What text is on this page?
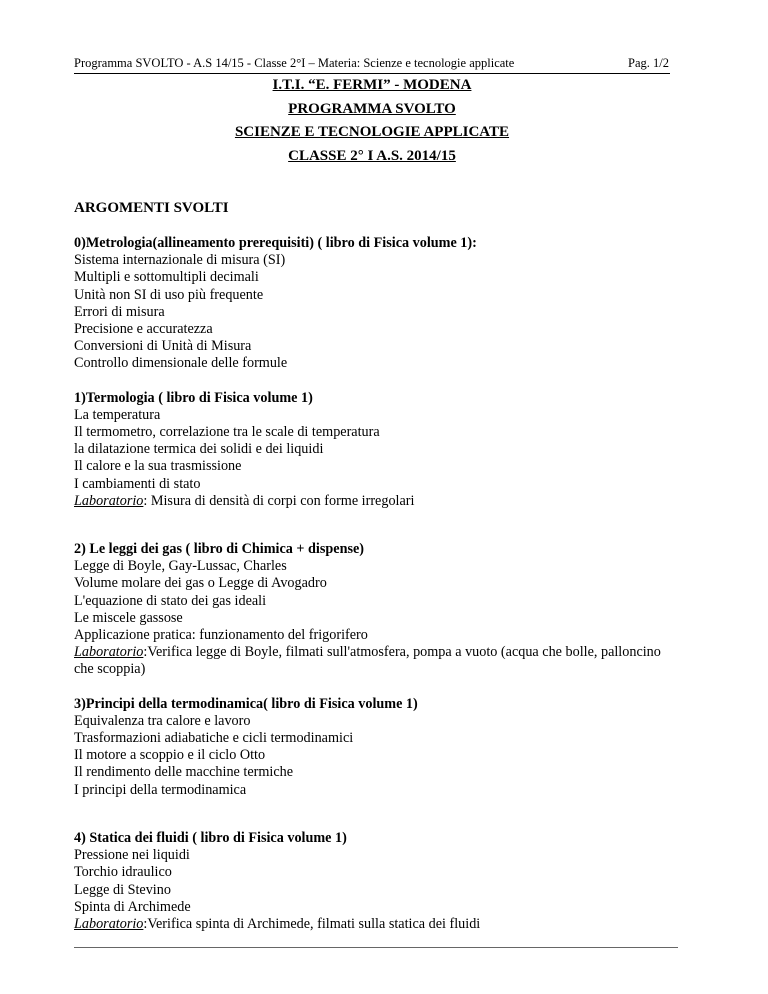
Programma SVOLTO - A.S 14/15 - Classe 2°I – Materia: Scienze e tecnologie applicate	Pag. 1/2
I.T.I. “E. FERMI” - MODENA
PROGRAMMA SVOLTO
SCIENZE E TECNOLOGIE APPLICATE
CLASSE 2° I A.S. 2014/15

ARGOMENTI SVOLTI

0)Metrologia(allineamento prerequisiti) ( libro di Fisica volume 1):

Sistema internazionale di misura (SI)

Multipli e sottomultipli decimali

Unità non SI di uso più frequente

Errori di misura

Precisione e accuratezza

Conversioni di Unità di Misura

Controllo dimensionale delle formule

1)Termologia ( libro di Fisica volume 1)

La temperatura

Il termometro, correlazione tra le scale di temperatura

la dilatazione termica dei solidi e dei liquidi

Il calore e la sua trasmissione

I cambiamenti di stato

Laboratorio: Misura di densità di corpi con forme irregolari

2) Le leggi dei gas ( libro di Chimica + dispense)

Legge di Boyle, Gay-Lussac, Charles

Volume molare dei gas o Legge di Avogadro

L'equazione di stato dei gas ideali

Le miscele gassose

Applicazione pratica: funzionamento del frigorifero

Laboratorio:Verifica legge di Boyle, filmati sull'atmosfera, pompa a vuoto (acqua che bolle, palloncino che scoppia)

3)Principi della termodinamica( libro di Fisica volume 1)

Equivalenza tra calore e lavoro

Trasformazioni adiabatiche e cicli termodinamici

Il motore a scoppio e il ciclo Otto

Il rendimento delle macchine termiche

I principi della termodinamica

4) Statica dei fluidi ( libro di Fisica volume 1)

Pressione nei liquidi

Torchio idraulico

Legge di Stevino

Spinta di Archimede

Laboratorio:Verifica spinta di Archimede, filmati sulla statica dei fluidi
